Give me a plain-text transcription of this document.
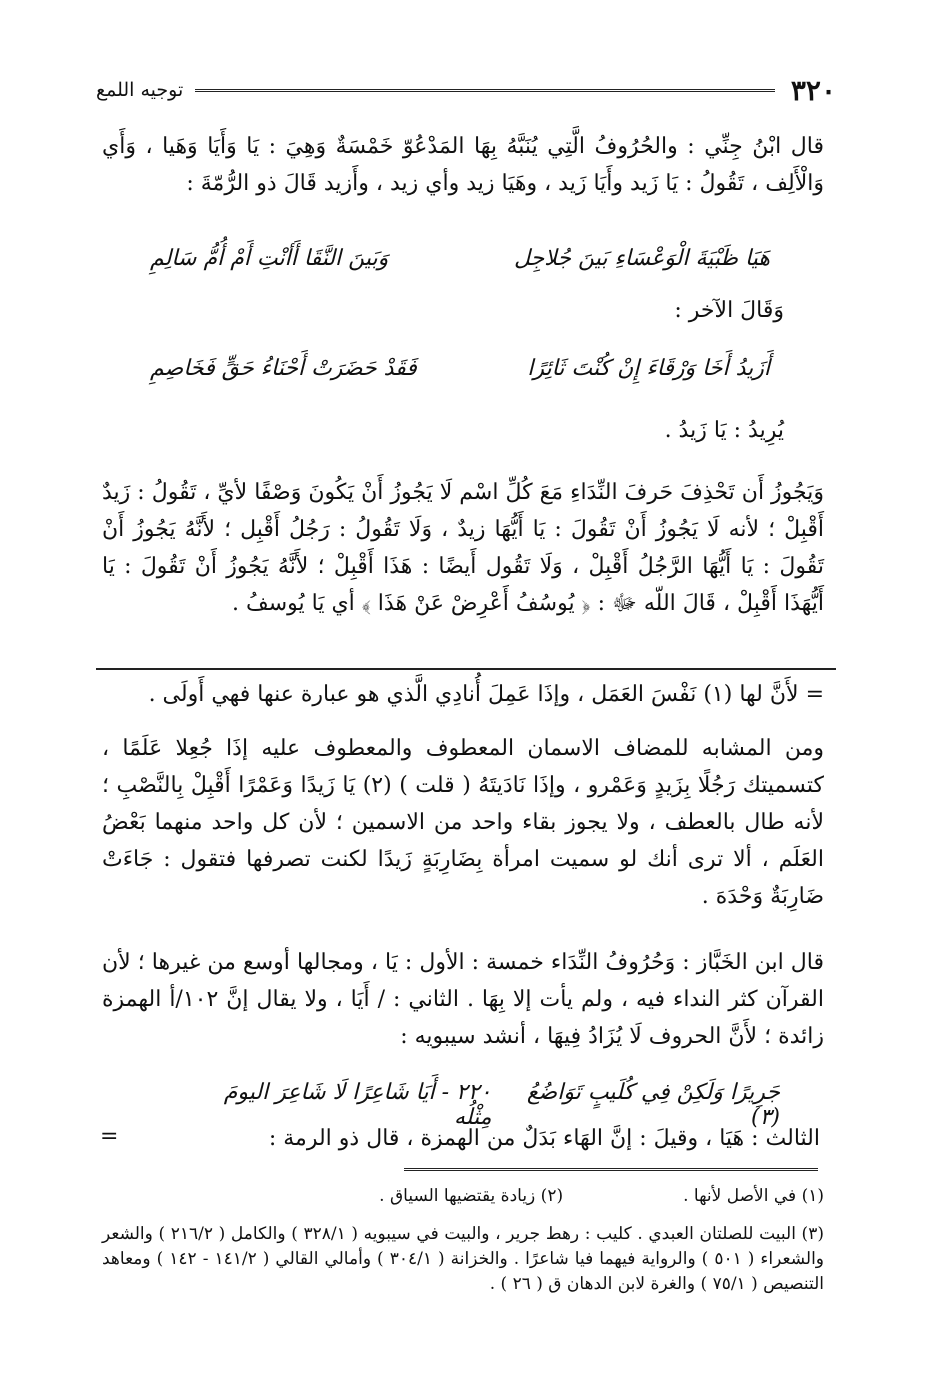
٣٢٠
توجيه اللمع
قال ابْنُ جِنِّي : والحُرُوفُ الَّتِي يُنَبَّهُ بِهَا المَدْعُوّ خَمْسَةٌ وَهِيَ : يَا وَأَيَا وَهَيا ، وَأَي وَالْأَلِف ، تَقُولُ : يَا زَيد وأَيَا زَيد ، وهَيَا زيد وأي زيد ، وأَزيد قَالَ ذو الرُّمّةَ :
هَيَا ظَبْيَةَ الْوَعْسَاءِ بَينَ جُلاجِل
وَبَينَ النَّقَا أَأنْتِ أَمْ أُمُّ سَالِمِ
وَقَالَ الآخر :
أَزَيدُ أَخَا وَرْقَاءَ إِنْ كُنْتَ ثَائِرًا
فَقَدْ حَضَرَتْ أَحْنَاءُ حَقٍّ فَخَاصِمِ
يُرِيدُ : يَا زَيدُ .
وَيَجُوزُ أَن تَحْذِفَ حَرفَ النِّدَاءِ مَعَ كُلِّ اسْم لَا يَجُوزُ أَنْ يَكُونَ وَصْفًا لأيِّ ، تَقُولُ : زَيدٌ أَقْبِلْ ؛ لأنه لَا يَجُوزُ أَنْ تَقُولَ : يَا أَيُّهَا زيدٌ ، وَلَا تَقُولُ : رَجُلُ أَقْبِل ؛ لأَنَّهُ يَجُوزُ أَنْ تَقُولَ : يَا أَيُّهَا الرَّجُلُ أَقْبِلْ ، وَلَا تَقُول أَيضًا : هَذَا أَقْبِلْ ؛ لأَنَّهُ يَجُوزُ أَنْ تَقُولَ : يَا أَيُّهَذَا أَقْبِلْ ، قَالَ اللّه ﷻ : ﴿ يُوسُفُ أَعْرِضْ عَنْ هَذَا ﴾ أي يَا يُوسفُ .
= لأَنَّ لها (١) نَفْسَ العَمَل ، وإذَا عَمِلَ أُنادِي الَّذي هو عبارة عنها فهي أَولَى .
ومن المشابه للمضاف الاسمان المعطوف والمعطوف عليه إذَا جُعِلا عَلَمًا ، كتسميتك رَجُلًا بِزَيدٍ وَعَمْرو ، وإذَا نَادَيتَهُ ( قلت ) (٢) يَا زَيدًا وَعَمْرًا أَقْبِلْ بِالنَّصْبِ ؛ لأنه طال بالعطف ، ولا يجوز بقاء واحد من الاسمين ؛ لأن كل واحد منهما بَعْضُ العَلَم ، ألا ترى أنك لو سميت امرأة بِضَارِبَةٍ زَيدًا لكنت تصرفها فتقول : جَاءَتْ ضَارِبَةٌ وَحْدَهَ .
قال ابن الخَبَّاز : وَحُرُوفُ النِّدَاء خمسة : الأول : يَا ، ومجالها أوسع من غيرها ؛ لأن القرآن كثر النداء فيه ، ولم يأت إلا بِهَا . الثاني : / أَيَا ، ولا يقال إنَّ ١٠٢/أ الهمزة زائدة ؛ لأَنَّ الحروف لَا يُزَادُ فِيهَا ، أنشد سيبويه :
جَرِيرًا وَلَكِنْ فِي كُلَيبٍ تَوَاضُعُ (٣)
٢٢٠ - أَيَا شَاعِرًا لَا شَاعِرَ اليومَ مِثْلُه
الثالث : هَيَا ، وقيلَ : إنَّ الهَاء بَدَلٌ من الهمزة ، قال ذو الرمة :
=
(١) في الأصل لأنها .
(٢) زيادة يقتضيها السياق .
(٣) البيت للصلتان العبدي . كليب : رهط جرير ، والبيت في سيبويه ( ٣٢٨/١ ) والكامل ( ٢١٦/٢ ) والشعر والشعراء ( ٥٠١ ) والرواية فيهما فيا شاعرًا . والخزانة ( ٣٠٤/١ ) وأمالي القالي ( ١٤١/٢ - ١٤٢ ) ومعاهد التنصيص ( ٧٥/١ ) والغرة لابن الدهان ق ( ٢٦ ) .
